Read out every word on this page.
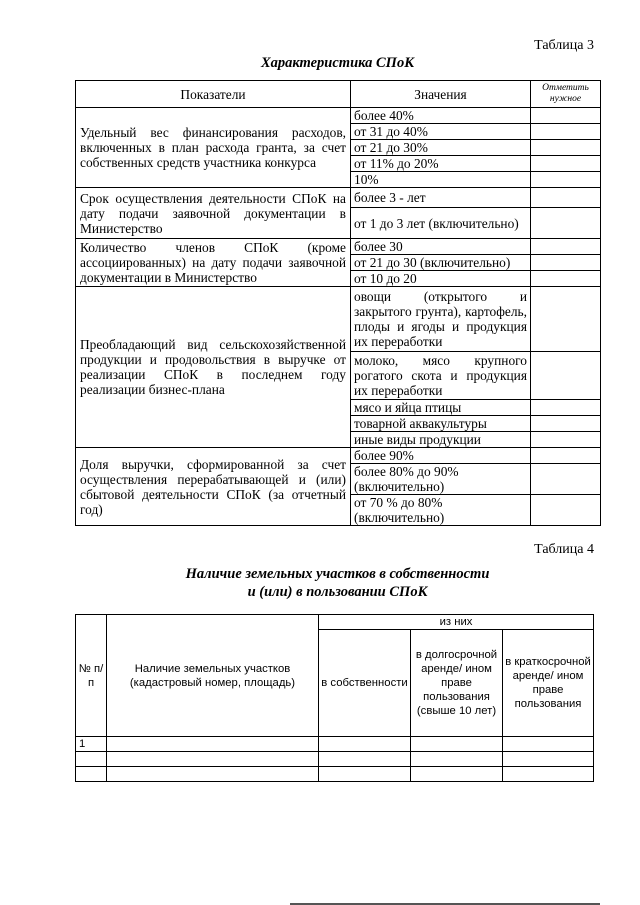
Таблица 3
Характеристика СПоК
Показатели	Значения	Отметить нужное
Удельный вес финансирования расходов, включенных в план расхода гранта, за счет собственных средств участника конкурса	более 40%	
	от 31 до 40%	
	от 21 до 30%	
	от 11% до 20%	
	10%	
Срок осуществления деятельности СПоК на дату подачи заявочной документации в Министерство	более 3 - лет	
	от 1 до 3 лет (включительно)	
Количество членов СПоК (кроме ассоциированных) на дату подачи заявочной документации в Министерство	более 30	
	от 21 до 30 (включительно)	
	от 10 до 20	
Преобладающий вид сельскохозяйственной продукции и продовольствия в выручке от реализации СПоК в последнем году реализации бизнес-плана	овощи (открытого и закрытого грунта), картофель, плоды и ягоды и продукция их переработки	
	молоко, мясо крупного рогатого скота и продукция их переработки	
	мясо и яйца птицы	
	товарной аквакультуры	
	иные виды продукции	
Доля выручки, сформированной за счет осуществления перерабатывающей и (или) сбытовой деятельности СПоК (за отчетный год)	более 90%	
	более 80% до 90% (включительно)	
	от 70 % до 80% (включительно)	
Таблица 4
Наличие земельных участков в собственности
и (или) в пользовании СПоК
№ п/п	Наличие земельных участков (кадастровый номер, площадь)	из них		
		в собственности	в долгосрочной аренде/ ином праве пользования (свыше 10 лет)	в краткосрочной аренде/ ином праве пользования
1				
